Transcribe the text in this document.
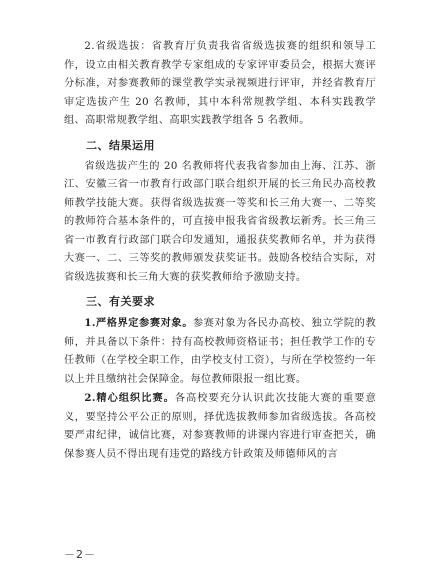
2.省级选拔：省教育厅负责我省省级选拔赛的组织和领导工作，设立由相关教育教学专家组成的专家评审委员会，根据大赛评分标准，对参赛教师的课堂教学实录视频进行评审，并经省教育厅审定选拔产生 20 名教师，其中本科常规教学组、本科实践教学组、高职常规教学组、高职实践教学组各 5 名教师。

二、结果运用

省级选拔产生的 20 名教师将代表我省参加由上海、江苏、浙江、安徽三省一市教育行政部门联合组织开展的长三角民办高校教师教学技能大赛。获得省级选拔赛一等奖和长三角大赛一、二等奖的教师符合基本条件的，可直接申报我省省级教坛新秀。长三角三省一市教育行政部门联合印发通知，通报获奖教师名单，并为获得大赛一、二、三等奖的教师颁发获奖证书。鼓励各校结合实际，对省级选拔赛和长三角大赛的获奖教师给予激励支持。

三、有关要求

1.严格界定参赛对象。参赛对象为各民办高校、独立学院的教师，并具备以下条件：持有高校教师资格证书；担任教学工作的专任教师（在学校全职工作，由学校支付工资），与所在学校签约一年以上并且缴纳社会保障金。每位教师限报一组比赛。

2.精心组织比赛。各高校要充分认识此次技能大赛的重要意义，要坚持公平公正的原则，择优选拔教师参加省级选拔。各高校要严肃纪律，诚信比赛，对参赛教师的讲课内容进行审查把关，确保参赛人员不得出现有违党的路线方针政策及师德师风的言

－2－
